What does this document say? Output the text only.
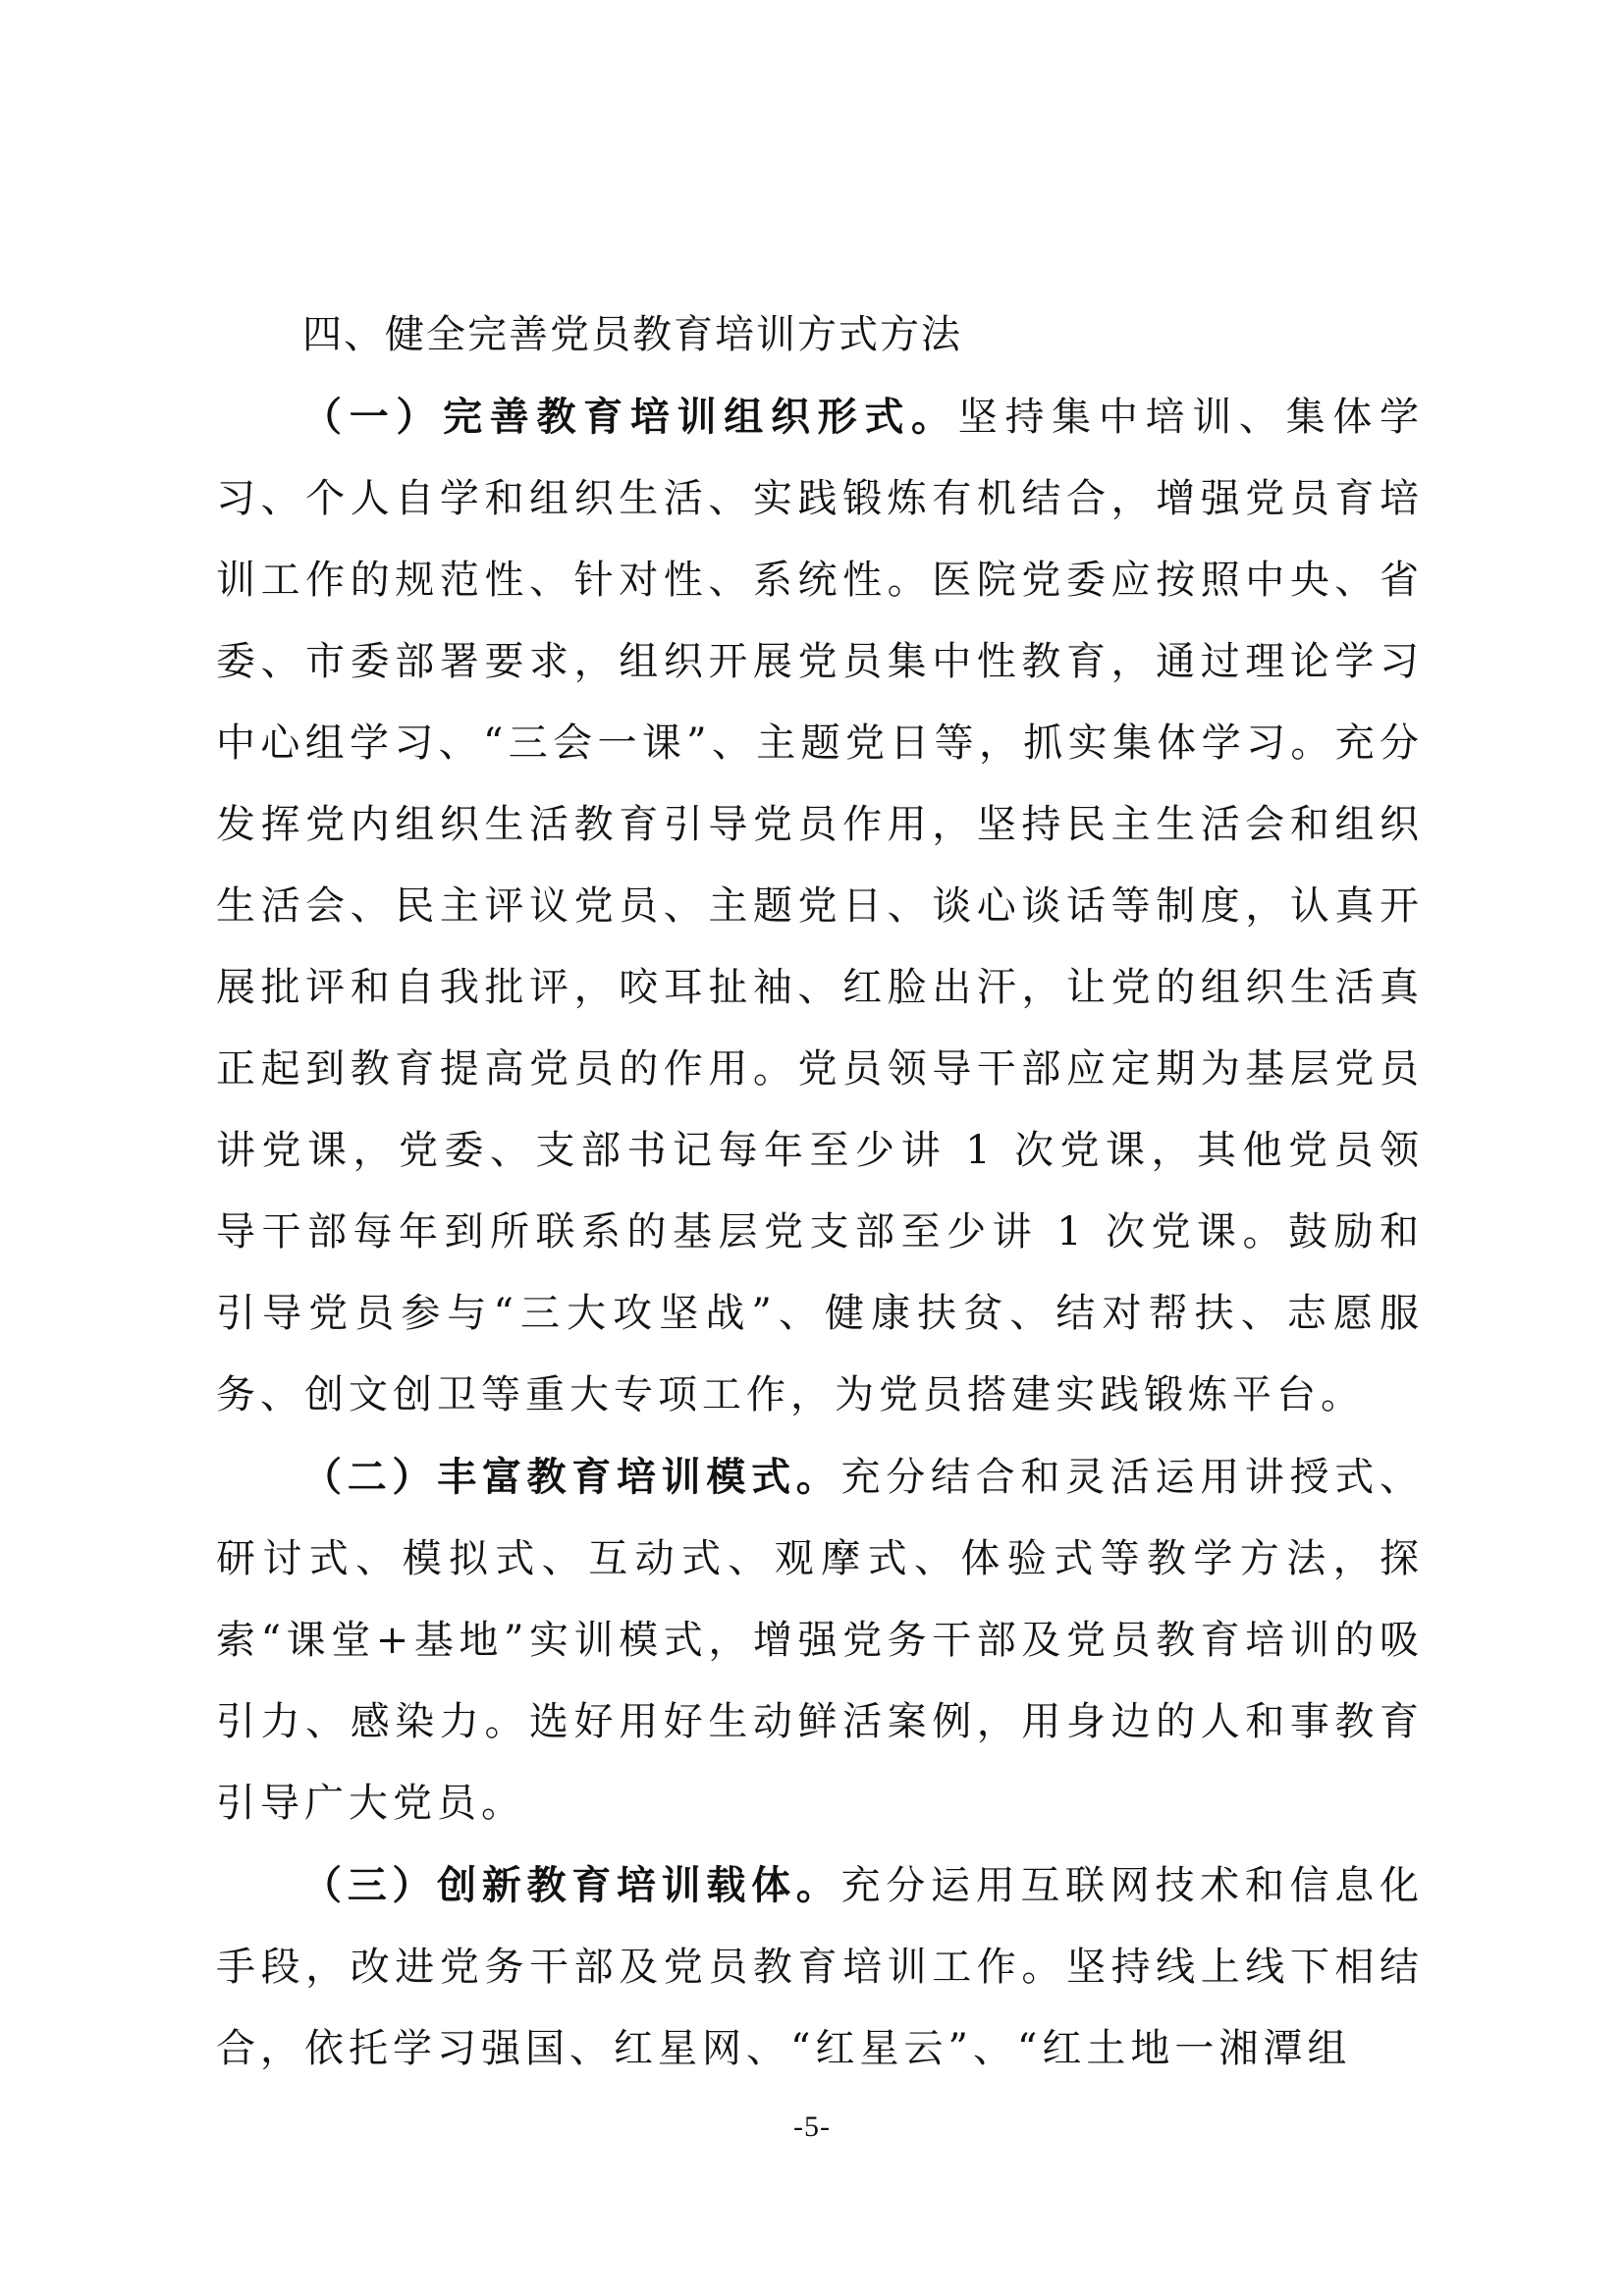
四、健全完善党员教育培训方式方法

（一）完善教育培训组织形式。坚持集中培训、集体学习、个人自学和组织生活、实践锻炼有机结合，增强党员育培训工作的规范性、针对性、系统性。医院党委应按照中央、省委、市委部署要求，组织开展党员集中性教育，通过理论学习中心组学习、“三会一课”、主题党日等，抓实集体学习。充分发挥党内组织生活教育引导党员作用，坚持民主生活会和组织生活会、民主评议党员、主题党日、谈心谈话等制度，认真开展批评和自我批评，咬耳扯袖、红脸出汗，让党的组织生活真正起到教育提高党员的作用。党员领导干部应定期为基层党员讲党课，党委、支部书记每年至少讲 1 次党课，其他党员领导干部每年到所联系的基层党支部至少讲 1 次党课。鼓励和引导党员参与“三大攻坚战”、健康扶贫、结对帮扶、志愿服务、创文创卫等重大专项工作，为党员搭建实践锻炼平台。

（二）丰富教育培训模式。充分结合和灵活运用讲授式、研讨式、模拟式、互动式、观摩式、体验式等教学方法，探索“课堂+基地”实训模式，增强党务干部及党员教育培训的吸引力、感染力。选好用好生动鲜活案例，用身边的人和事教育引导广大党员。

（三）创新教育培训载体。充分运用互联网技术和信息化手段，改进党务干部及党员教育培训工作。坚持线上线下相结合，依托学习强国、红星网、“红星云”、“红土地一湘潭组

-5-
